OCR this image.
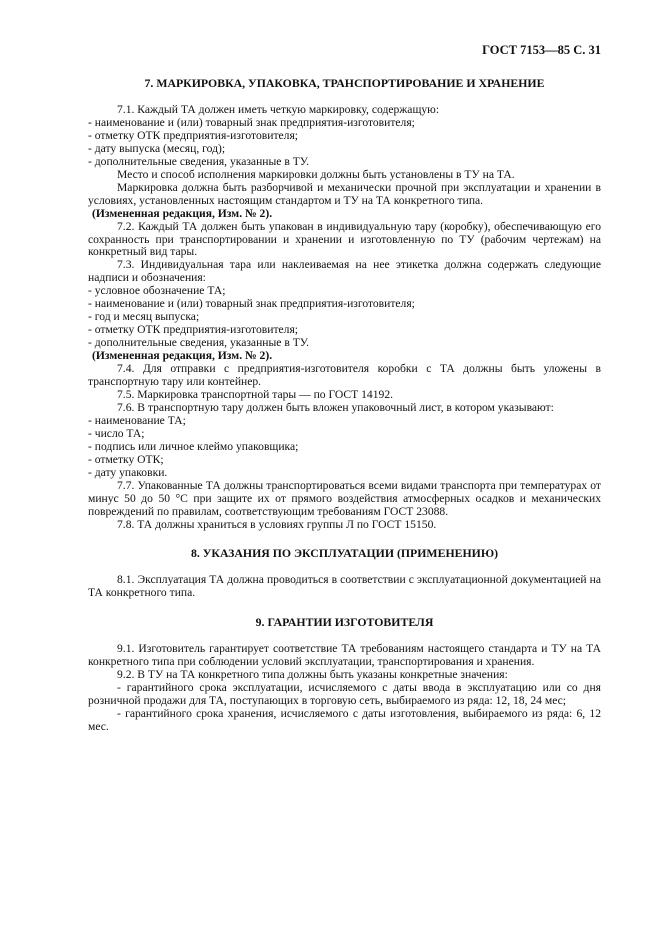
ГОСТ 7153—85 С. 31
7. МАРКИРОВКА, УПАКОВКА, ТРАНСПОРТИРОВАНИЕ И ХРАНЕНИЕ

7.1. Каждый ТА должен иметь четкую маркировку, содержащую:

- наименование и (или) товарный знак предприятия-изготовителя;

- отметку ОТК предприятия-изготовителя;

- дату выпуска (месяц, год);

- дополнительные сведения, указанные в ТУ.

Место и способ исполнения маркировки должны быть установлены в ТУ на ТА.

Маркировка должна быть разборчивой и механически прочной при эксплуатации и хранении в условиях, установленных настоящим стандартом и ТУ на ТА конкретного типа.

(Измененная редакция, Изм. № 2).

7.2. Каждый ТА должен быть упакован в индивидуальную тару (коробку), обеспечивающую его сохранность при транспортировании и хранении и изготовленную по ТУ (рабочим чертежам) на конкретный вид тары.

7.3. Индивидуальная тара или наклеиваемая на нее этикетка должна содержать следующие надписи и обозначения:

- условное обозначение ТА;

- наименование и (или) товарный знак предприятия-изготовителя;

- год и месяц выпуска;

- отметку ОТК предприятия-изготовителя;

- дополнительные сведения, указанные в ТУ.

(Измененная редакция, Изм. № 2).

7.4. Для отправки с предприятия-изготовителя коробки с ТА должны быть уложены в транспортную тару или контейнер.

7.5. Маркировка транспортной тары — по ГОСТ 14192.

7.6. В транспортную тару должен быть вложен упаковочный лист, в котором указывают:

- наименование ТА;

- число ТА;

- подпись или личное клеймо упаковщика;

- отметку ОТК;

- дату упаковки.

7.7. Упакованные ТА должны транспортироваться всеми видами транспорта при температурах от минус 50 до 50 °С при защите их от прямого воздействия атмосферных осадков и механических повреждений по правилам, соответствующим требованиям ГОСТ 23088.

7.8. ТА должны храниться в условиях группы Л по ГОСТ 15150.

8. УКАЗАНИЯ ПО ЭКСПЛУАТАЦИИ (ПРИМЕНЕНИЮ)

8.1. Эксплуатация ТА должна проводиться в соответствии с эксплуатационной документацией на ТА конкретного типа.

9. ГАРАНТИИ ИЗГОТОВИТЕЛЯ

9.1. Изготовитель гарантирует соответствие ТА требованиям настоящего стандарта и ТУ на ТА конкретного типа при соблюдении условий эксплуатации, транспортирования и хранения.

9.2. В ТУ на ТА конкретного типа должны быть указаны конкретные значения:

- гарантийного срока эксплуатации, исчисляемого с даты ввода в эксплуатацию или со дня розничной продажи для ТА, поступающих в торговую сеть, выбираемого из ряда: 12, 18, 24 мес;

- гарантийного срока хранения, исчисляемого с даты изготовления, выбираемого из ряда: 6, 12 мес.
